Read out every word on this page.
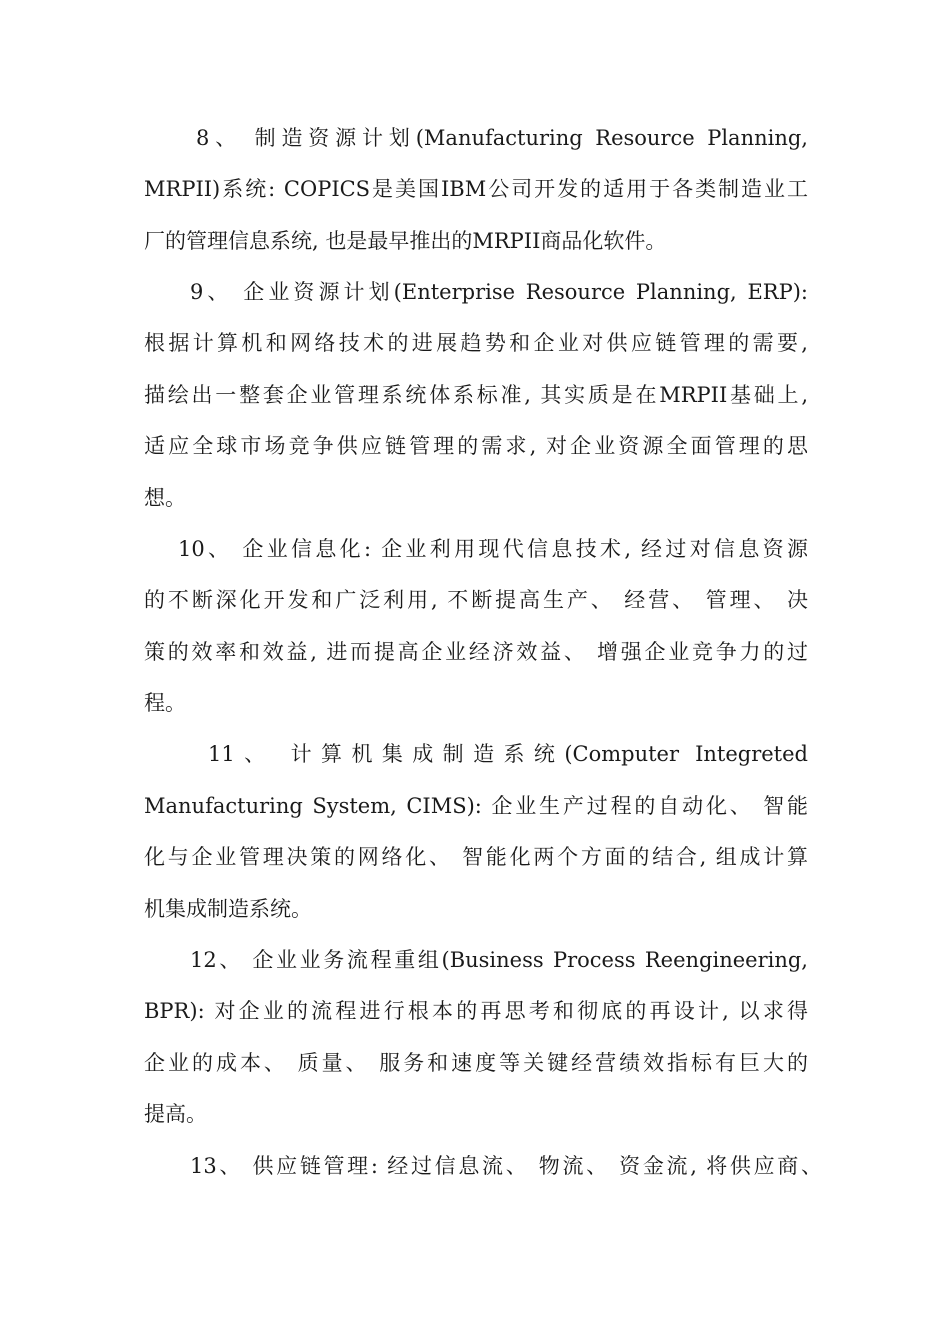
8、 制造资源计划(Manufacturing Resource Planning,
MRPII)系统: COPICS是美国IBM公司开发的适用于各类制造业工
厂的管理信息系统, 也是最早推出的MRPII商品化软件。
9、 企业资源计划(Enterprise Resource Planning, ERP):
根据计算机和网络技术的进展趋势和企业对供应链管理的需要,
描绘出一整套企业管理系统体系标准, 其实质是在MRPII基础上,
适应全球市场竞争供应链管理的需求, 对企业资源全面管理的思
想。
10、 企业信息化: 企业利用现代信息技术, 经过对信息资源
的不断深化开发和广泛利用, 不断提高生产、 经营、 管理、 决
策的效率和效益, 进而提高企业经济效益、 增强企业竞争力的过
程。
11、 计算机集成制造系统(Computer Integreted
Manufacturing System, CIMS): 企业生产过程的自动化、 智能
化与企业管理决策的网络化、 智能化两个方面的结合, 组成计算
机集成制造系统。
12、 企业业务流程重组(Business Process Reengineering,
BPR): 对企业的流程进行根本的再思考和彻底的再设计, 以求得
企业的成本、 质量、 服务和速度等关键经营绩效指标有巨大的
提高。
13、 供应链管理: 经过信息流、 物流、 资金流, 将供应商、
